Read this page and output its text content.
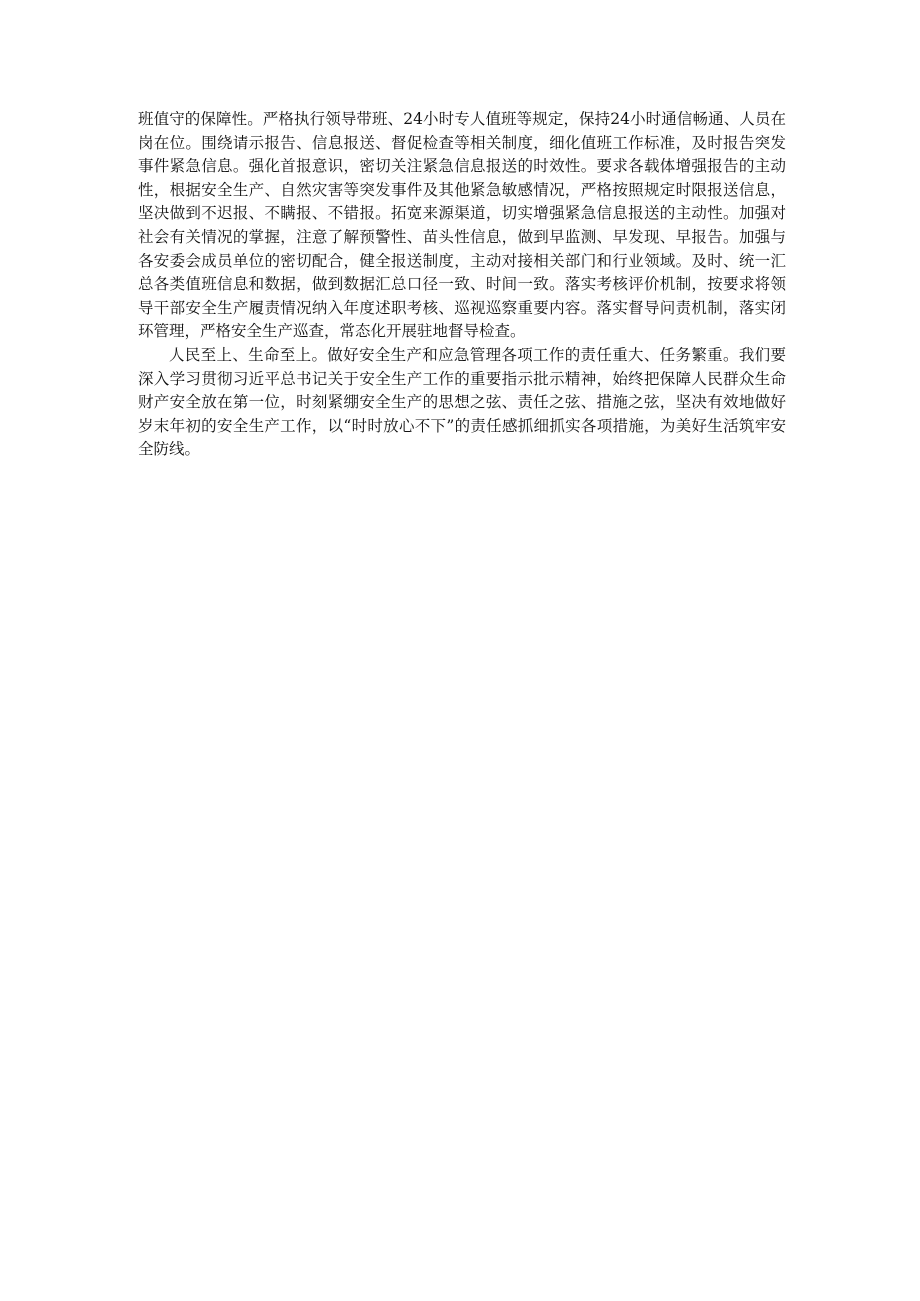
班值守的保障性。严格执行领导带班、24小时专人值班等规定，保持24小时通信畅通、人员在岗在位。围绕请示报告、信息报送、督促检查等相关制度，细化值班工作标准，及时报告突发事件紧急信息。强化首报意识，密切关注紧急信息报送的时效性。要求各载体增强报告的主动性，根据安全生产、自然灾害等突发事件及其他紧急敏感情况，严格按照规定时限报送信息，坚决做到不迟报、不瞒报、不错报。拓宽来源渠道，切实增强紧急信息报送的主动性。加强对社会有关情况的掌握，注意了解预警性、苗头性信息，做到早监测、早发现、早报告。加强与各安委会成员单位的密切配合，健全报送制度，主动对接相关部门和行业领域。及时、统一汇总各类值班信息和数据，做到数据汇总口径一致、时间一致。落实考核评价机制，按要求将领导干部安全生产履责情况纳入年度述职考核、巡视巡察重要内容。落实督导问责机制，落实闭环管理，严格安全生产巡查，常态化开展驻地督导检查。

人民至上、生命至上。做好安全生产和应急管理各项工作的责任重大、任务繁重。我们要深入学习贯彻习近平总书记关于安全生产工作的重要指示批示精神，始终把保障人民群众生命财产安全放在第一位，时刻紧绷安全生产的思想之弦、责任之弦、措施之弦，坚决有效地做好岁末年初的安全生产工作，以“时时放心不下”的责任感抓细抓实各项措施，为美好生活筑牢安全防线。
